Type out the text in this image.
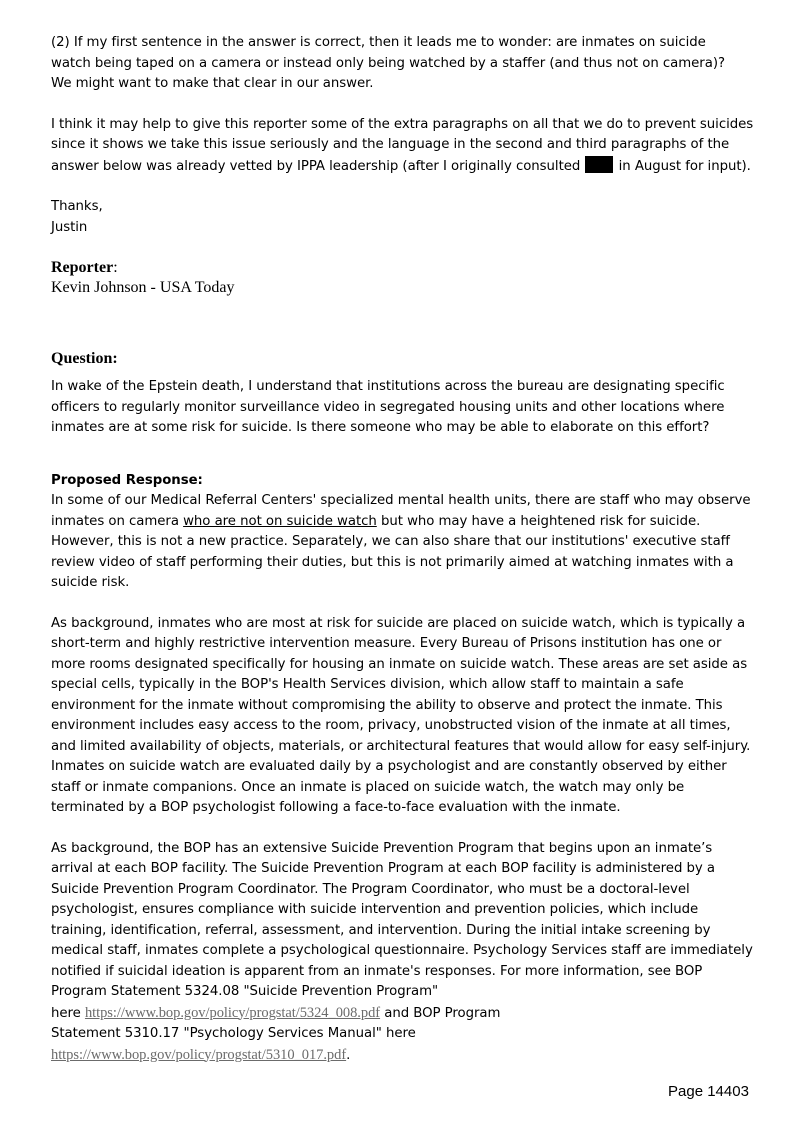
(2) If my first sentence in the answer is correct, then it leads me to wonder: are inmates on suicide watch being taped on a camera or instead only being watched by a staffer (and thus not on camera)? We might want to make that clear in our answer.

I think it may help to give this reporter some of the extra paragraphs on all that we do to prevent suicides since it shows we take this issue seriously and the language in the second and third paragraphs of the answer below was already vetted by IPPA leadership (after I originally consulted	in August for input).

Thanks,

Justin

Reporter:
Kevin Johnson - USA Today
Question:

In wake of the Epstein death, I understand that institutions across the bureau are designating specific officers to regularly monitor surveillance video in segregated housing units and other locations where inmates are at some risk for suicide. Is there someone who may be able to elaborate on this effort?

Proposed Response:

In some of our Medical Referral Centers' specialized mental health units, there are staff who may observe inmates on camera who are not on suicide watch but who may have a heightened risk for suicide. However, this is not a new practice. Separately, we can also share that our institutions' executive staff review video of staff performing their duties, but this is not primarily aimed at watching inmates with a suicide risk.

As background, inmates who are most at risk for suicide are placed on suicide watch, which is typically a short-term and highly restrictive intervention measure. Every Bureau of Prisons institution has one or more rooms designated specifically for housing an inmate on suicide watch. These areas are set aside as special cells, typically in the BOP's Health Services division, which allow staff to maintain a safe environment for the inmate without compromising the ability to observe and protect the inmate. This environment includes easy access to the room, privacy, unobstructed vision of the inmate at all times, and limited availability of objects, materials, or architectural features that would allow for easy self-injury. Inmates on suicide watch are evaluated daily by a psychologist and are constantly observed by either staff or inmate companions. Once an inmate is placed on suicide watch, the watch may only be terminated by a BOP psychologist following a face-to-face evaluation with the inmate.

As background, the BOP has an extensive Suicide Prevention Program that begins upon an inmate’s arrival at each BOP facility. The Suicide Prevention Program at each BOP facility is administered by a Suicide Prevention Program Coordinator. The Program Coordinator, who must be a doctoral-level psychologist, ensures compliance with suicide intervention and prevention policies, which include training, identification, referral, assessment, and intervention. During the initial intake screening by medical staff, inmates complete a psychological questionnaire. Psychology Services staff are immediately notified if suicidal ideation is apparent from an inmate's responses. For more information, see BOP Program Statement 5324.08 "Suicide Prevention Program"

here https://www.bop.gov/policy/progstat/5324_008.pdf and BOP Program

Statement 5310.17 "Psychology Services Manual" here

https://www.bop.gov/policy/progstat/5310_017.pdf.

Page 14403
